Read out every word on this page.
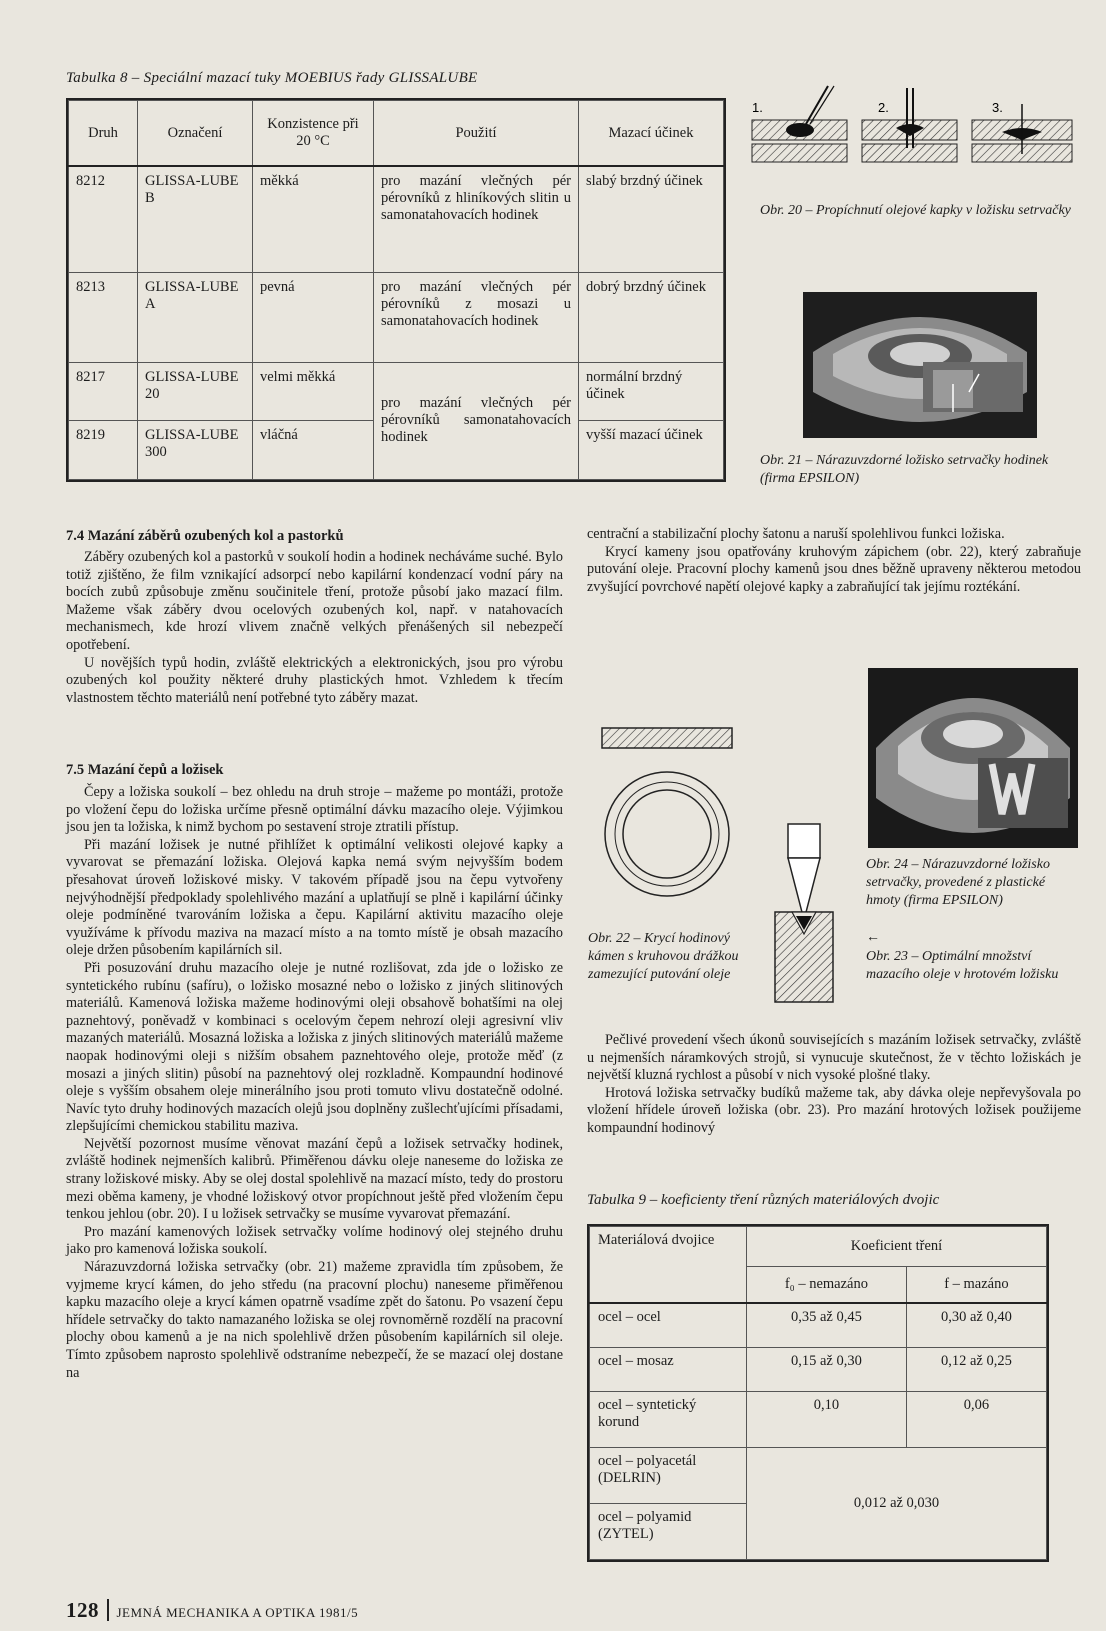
Tabulka 8 – Speciální mazací tuky MOEBIUS řady GLISSALUBE
Druh	Označení	Konzistence při 20 °C	Použití	Mazací účinek
8212	GLISSA-LUBE B	měkká	pro mazání vlečných pér pérovníků z hliníkových slitin u samonatahovacích hodinek	slabý brzdný účinek
8213	GLISSA-LUBE A	pevná	pro mazání vlečných pér pérovníků z mosazi u samonatahovacích hodinek	dobrý brzdný účinek
8217	GLISSA-LUBE 20	velmi měkká	pro mazání vlečných pér pérovníků samonatahovacích hodinek	normální brzdný účinek
8219	GLISSA-LUBE 300	vláčná		vyšší mazací účinek
1.	2.	3.
Obr. 20 – Propíchnutí olejové kapky v ložisku setrvačky
Obr. 21 – Nárazuvzdorné ložisko setrvačky hodinek (firma EPSILON)
7.4 Mazání záběrů ozubených kol a pastorků

Záběry ozubených kol a pastorků v soukolí hodin a hodinek necháváme suché. Bylo totiž zjištěno, že film vznikající adsorpcí nebo kapilární kondenzací vodní páry na bocích zubů způsobuje změnu součinitele tření, protože působí jako mazací film. Mažeme však záběry dvou ocelových ozubených kol, např. v natahovacích mechanismech, kde hrozí vlivem značně velkých přenášených sil nebezpečí opotřebení.

U novějších typů hodin, zvláště elektrických a elektronických, jsou pro výrobu ozubených kol použity některé druhy plastických hmot. Vzhledem k třecím vlastnostem těchto materiálů není potřebné tyto záběry mazat.

7.5 Mazání čepů a ložisek

Čepy a ložiska soukolí – bez ohledu na druh stroje – mažeme po montáži, protože po vložení čepu do ložiska určíme přesně optimální dávku mazacího oleje. Výjimkou jsou jen ta ložiska, k nimž bychom po sestavení stroje ztratili přístup.

Při mazání ložisek je nutné přihlížet k optimální velikosti olejové kapky a vyvarovat se přemazání ložiska. Olejová kapka nemá svým nejvyšším bodem přesahovat úroveň ložiskové misky. V takovém případě jsou na čepu vytvořeny nejvýhodnější předpoklady spolehlivého mazání a uplatňují se plně i kapilární účinky oleje podmíněné tvarováním ložiska a čepu. Kapilární aktivitu mazacího oleje využíváme k přívodu maziva na mazací místo a na tomto místě je obsah mazacího oleje držen působením kapilárních sil.

Při posuzování druhu mazacího oleje je nutné rozlišovat, zda jde o ložisko ze syntetického rubínu (safíru), o ložisko mosazné nebo o ložisko z jiných slitinových materiálů. Kamenová ložiska mažeme hodinovými oleji obsahově bohatšími na olej paznehtový, poněvadž v kombinaci s ocelovým čepem nehrozí oleji agresivní vliv mazaných materiálů. Mosazná ložiska a ložiska z jiných slitinových materiálů mažeme naopak hodinovými oleji s nižším obsahem paznehtového oleje, protože měď (z mosazi a jiných slitin) působí na paznehtový olej rozkladně. Kompaundní hodinové oleje s vyšším obsahem oleje minerálního jsou proti tomuto vlivu dostatečně odolné. Navíc tyto druhy hodinových mazacích olejů jsou doplněny zušlechťujícími přísadami, zlepšujícími chemickou stabilitu maziva.

Největší pozornost musíme věnovat mazání čepů a ložisek setrvačky hodinek, zvláště hodinek nejmenších kalibrů. Přiměřenou dávku oleje naneseme do ložiska ze strany ložiskové misky. Aby se olej dostal spolehlivě na mazací místo, tedy do prostoru mezi oběma kameny, je vhodné ložiskový otvor propíchnout ještě před vložením čepu tenkou jehlou (obr. 20). I u ložisek setrvačky se musíme vyvarovat přemazání.

Pro mazání kamenových ložisek setrvačky volíme hodinový olej stejného druhu jako pro kamenová ložiska soukolí.

Nárazuvzdorná ložiska setrvačky (obr. 21) mažeme zpravidla tím způsobem, že vyjmeme krycí kámen, do jeho středu (na pracovní plochu) naneseme přiměřenou kapku mazacího oleje a krycí kámen opatrně vsadíme zpět do šatonu. Po vsazení čepu hřídele setrvačky do takto namazaného ložiska se olej rovnoměrně rozdělí na pracovní plochy obou kamenů a je na nich spolehlivě držen působením kapilárních sil oleje. Tímto způsobem naprosto spolehlivě odstraníme nebezpečí, že se mazací olej dostane na

centrační a stabilizační plochy šatonu a naruší spolehlivou funkci ložiska.

Krycí kameny jsou opatřovány kruhovým zápichem (obr. 22), který zabraňuje putování oleje. Pracovní plochy kamenů jsou dnes běžně upraveny některou metodou zvyšující povrchové napětí olejové kapky a zabraňující tak jejímu roztékání.

Obr. 22 – Krycí hodinový kámen s kruhovou drážkou zamezující putování oleje
Obr. 24 – Nárazuvzdorné ložisko setrvačky, provedené z plastické hmoty (firma EPSILON)
←
Obr. 23 – Optimální množství mazacího oleje v hrotovém ložisku

Pečlivé provedení všech úkonů souvisejících s mazáním ložisek setrvačky, zvláště u nejmenších náramkových strojů, si vynucuje skutečnost, že v těchto ložiskách je největší kluzná rychlost a působí v nich vysoké plošné tlaky.

Hrotová ložiska setrvačky budíků mažeme tak, aby dávka oleje nepřevyšovala po vložení hřídele úroveň ložiska (obr. 23). Pro mazání hrotových ložisek použijeme kompaundní hodinový

Tabulka 9 – koeficienty tření různých materiálových dvojic
Materiálová dvojice	Koeficient tření	
	f₀ – nemazáno	f – mazáno
ocel – ocel	0,35 až 0,45	0,30 až 0,40
ocel – mosaz	0,15 až 0,30	0,12 až 0,25
ocel – syntetický korund	0,10	0,06
ocel – polyacetál (DELRIN)	0,012 až 0,030	
ocel – polyamid (ZYTEL)		
128 JEMNÁ MECHANIKA A OPTIKA 1981/5
